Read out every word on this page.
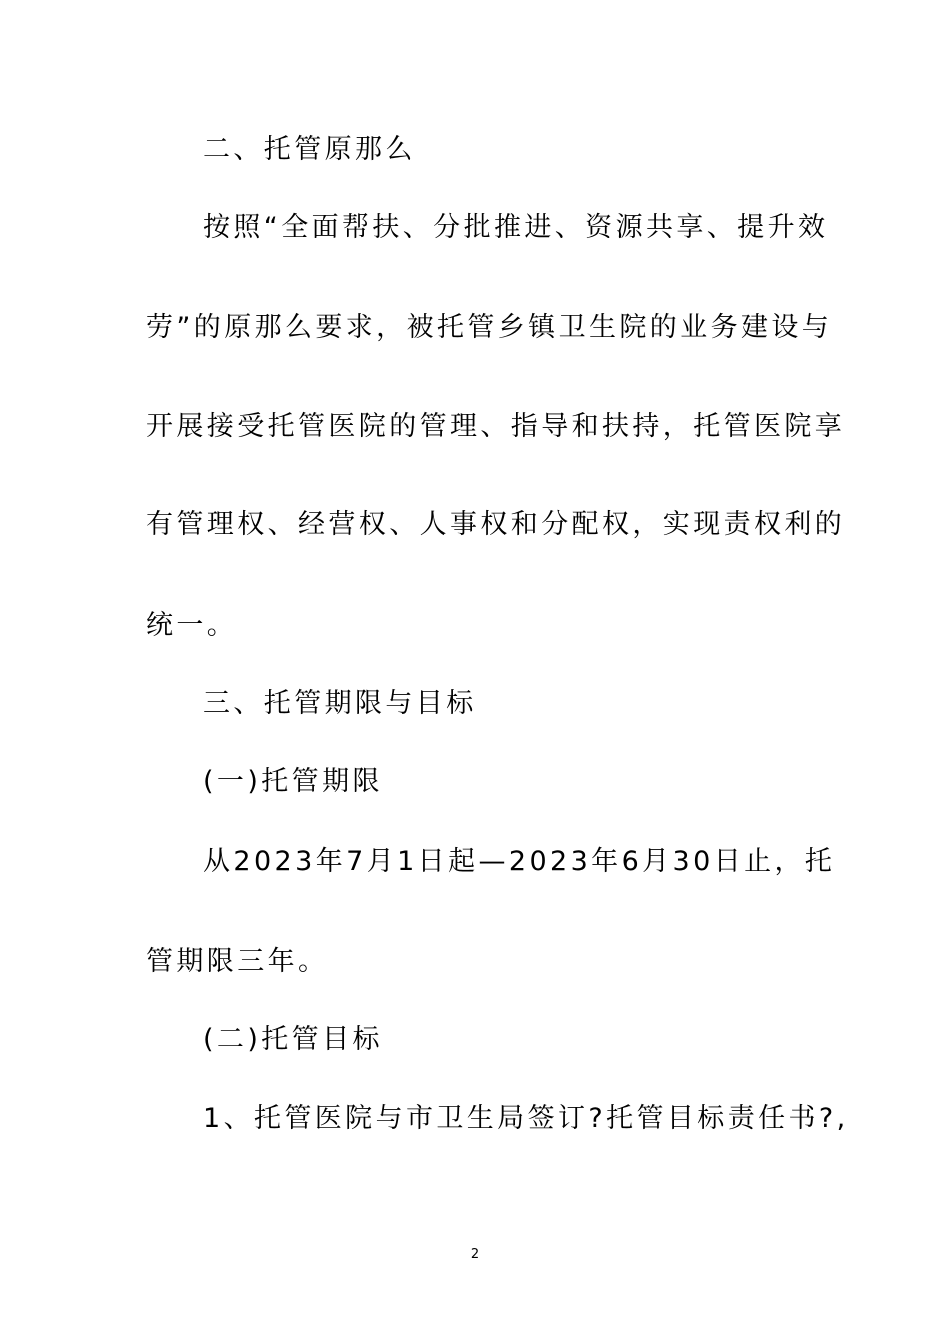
二、托管原那么
按照“全面帮扶、分批推进、资源共享、提升效
劳”的原那么要求，被托管乡镇卫生院的业务建设与
开展接受托管医院的管理、指导和扶持，托管医院享
有管理权、经营权、人事权和分配权，实现责权利的
统一。
三、托管期限与目标
(一)托管期限
从2023年7月1日起—2023年6月30日止，托
管期限三年。
(二)托管目标
1、托管医院与市卫生局签订?托管目标责任书?,
2
